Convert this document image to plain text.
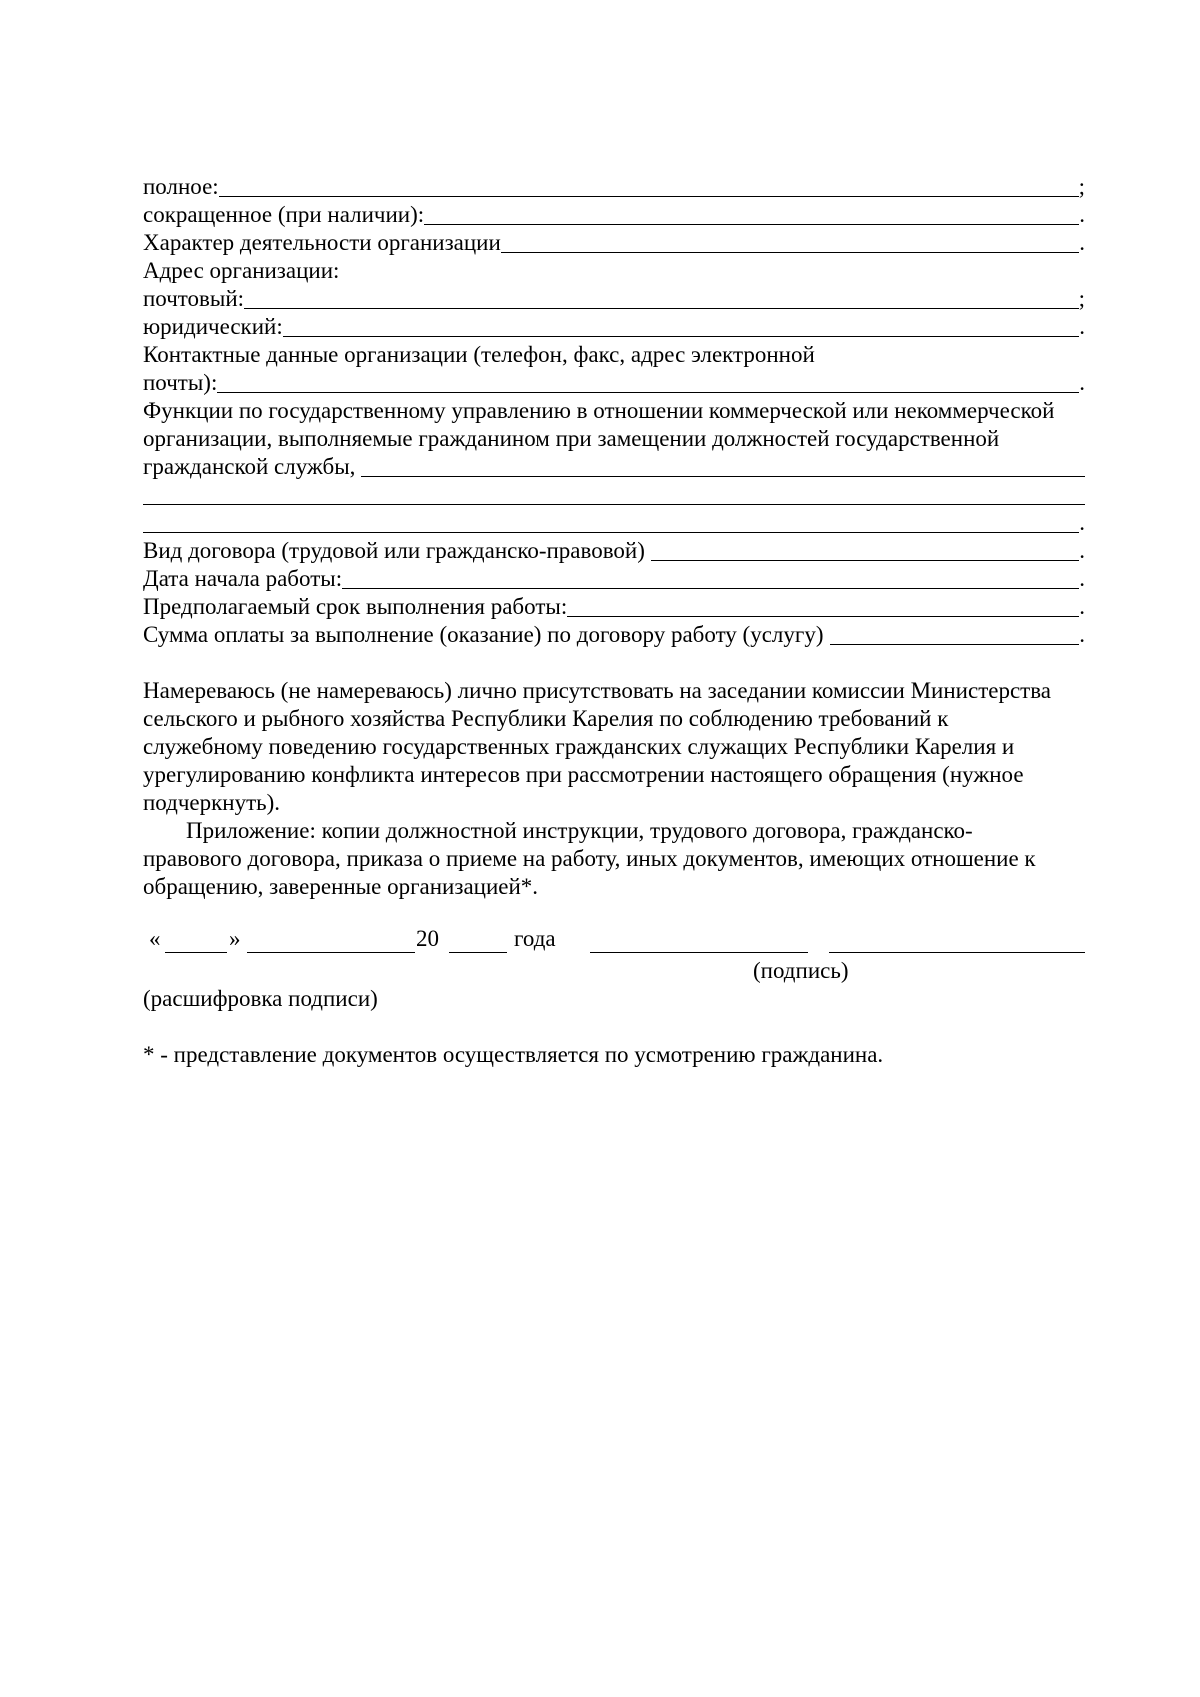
полное:	;
сокращенное (при наличии):	.
Характер деятельности организации	.
Адрес организации:
почтовый:	;
юридический:	.
Контактные данные организации (телефон, факс, адрес электронной
почты):	.
Функции по государственному управлению в отношении коммерческой или некоммерческой
организации, выполняемые гражданином при замещении должностей государственной
гражданской службы,
.
Вид договора (трудовой или гражданско-правовой)	.
Дата начала работы:	.
Предполагаемый срок выполнения работы:	.
Сумма оплаты за выполнение (оказание) по договору работу (услугу)	.
Намереваюсь (не намереваюсь) лично присутствовать на заседании комиссии Министерства
сельского и рыбного хозяйства Республики Карелия по соблюдению требований к
служебному поведению государственных гражданских служащих Республики Карелия и
урегулированию конфликта интересов при рассмотрении настоящего обращения (нужное
подчеркнуть).
Приложение: копии должностной инструкции, трудового договора, гражданско-
правового договора, приказа о приеме на работу, иных документов, имеющих отношение к
обращению, заверенные организацией*.
«	»	20	года
(подпись)
(расшифровка подписи)
* - представление документов осуществляется по усмотрению гражданина.
